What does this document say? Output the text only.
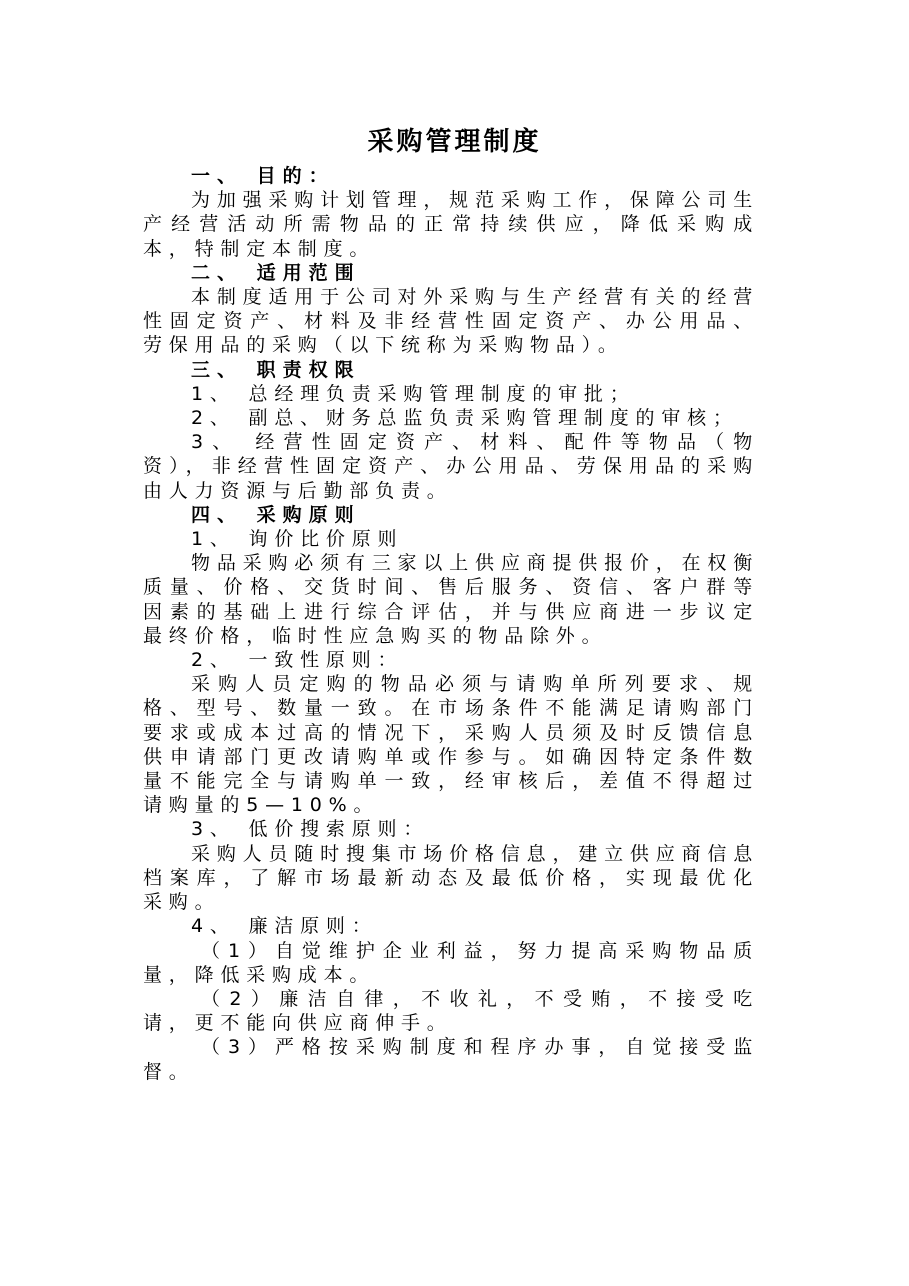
采购管理制度

一、 目的：

为加强采购计划管理，规范采购工作，保障公司生产经营活动所需物品的正常持续供应，降低采购成本，特制定本制度。

二、 适用范围

本制度适用于公司对外采购与生产经营有关的经营性固定资产、材料及非经营性固定资产、办公用品、劳保用品的采购（以下统称为采购物品）。

三、 职责权限

1、 总经理负责采购管理制度的审批；

2、 副总、财务总监负责采购管理制度的审核；

3、 经营性固定资产、材料、配件等物品（物资），非经营性固定资产、办公用品、劳保用品的采购由人力资源与后勤部负责。

四、 采购原则

1、 询价比价原则

物品采购必须有三家以上供应商提供报价，在权衡质量、价格、交货时间、售后服务、资信、客户群等因素的基础上进行综合评估，并与供应商进一步议定最终价格，临时性应急购买的物品除外。

2、 一致性原则：

采购人员定购的物品必须与请购单所列要求、规格、型号、数量一致。在市场条件不能满足请购部门要求或成本过高的情况下，采购人员须及时反馈信息供申请部门更改请购单或作参与。如确因特定条件数量不能完全与请购单一致，经审核后，差值不得超过请购量的5—10%。

3、 低价搜索原则：

采购人员随时搜集市场价格信息，建立供应商信息档案库，了解市场最新动态及最低价格，实现最优化采购。

4、 廉洁原则：

（1）自觉维护企业利益，努力提高采购物品质量，降低采购成本。

（2）廉洁自律，不收礼，不受贿，不接受吃请，更不能向供应商伸手。

（3）严格按采购制度和程序办事，自觉接受监督。
